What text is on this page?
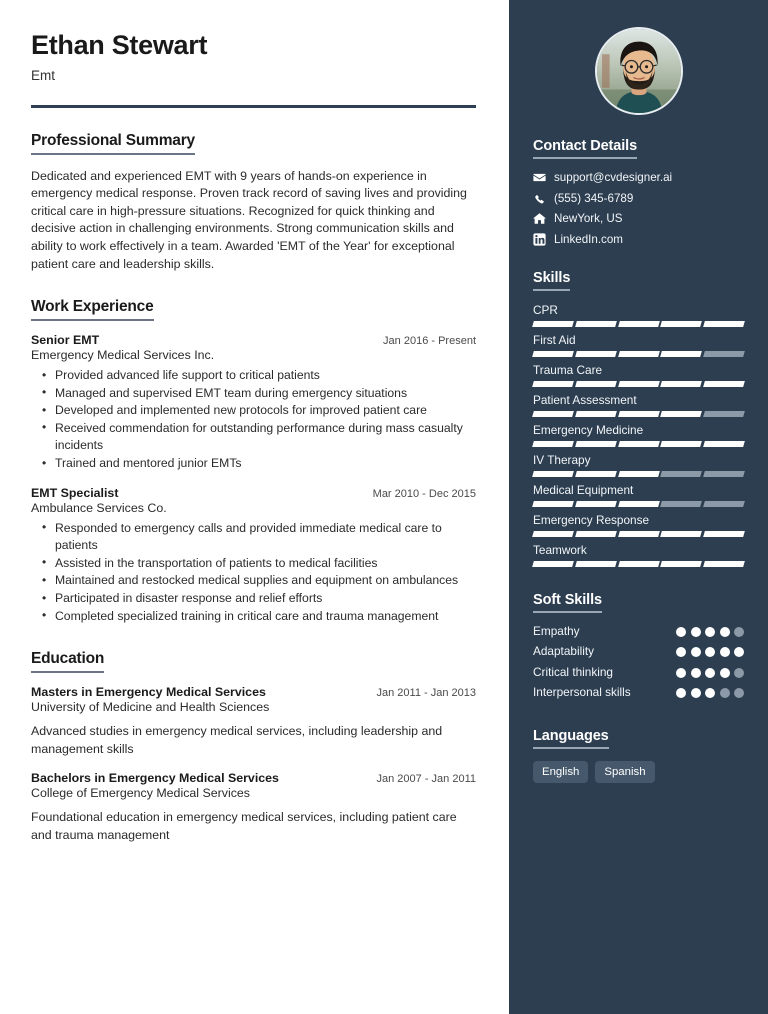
Ethan Stewart
Emt
Professional Summary
Dedicated and experienced EMT with 9 years of hands-on experience in emergency medical response. Proven track record of saving lives and providing critical care in high-pressure situations. Recognized for quick thinking and decisive action in challenging environments. Strong communication skills and ability to work effectively in a team. Awarded 'EMT of the Year' for exceptional patient care and leadership skills.
Work Experience
Senior EMT	Jan 2016 - Present
Emergency Medical Services Inc.
• Provided advanced life support to critical patients
• Managed and supervised EMT team during emergency situations
• Developed and implemented new protocols for improved patient care
• Received commendation for outstanding performance during mass casualty incidents
• Trained and mentored junior EMTs
EMT Specialist	Mar 2010 - Dec 2015
Ambulance Services Co.
• Responded to emergency calls and provided immediate medical care to patients
• Assisted in the transportation of patients to medical facilities
• Maintained and restocked medical supplies and equipment on ambulances
• Participated in disaster response and relief efforts
• Completed specialized training in critical care and trauma management
Education
Masters in Emergency Medical Services	Jan 2011 - Jan 2013
University of Medicine and Health Sciences
Advanced studies in emergency medical services, including leadership and management skills
Bachelors in Emergency Medical Services	Jan 2007 - Jan 2011
College of Emergency Medical Services
Foundational education in emergency medical services, including patient care and trauma management
Contact Details
support@cvdesigner.ai
(555) 345-6789
NewYork, US
LinkedIn.com
Skills
CPR
First Aid
Trauma Care
Patient Assessment
Emergency Medicine
IV Therapy
Medical Equipment
Emergency Response
Teamwork
Soft Skills
Empathy
Adaptability
Critical thinking
Interpersonal skills
Languages
English	Spanish
